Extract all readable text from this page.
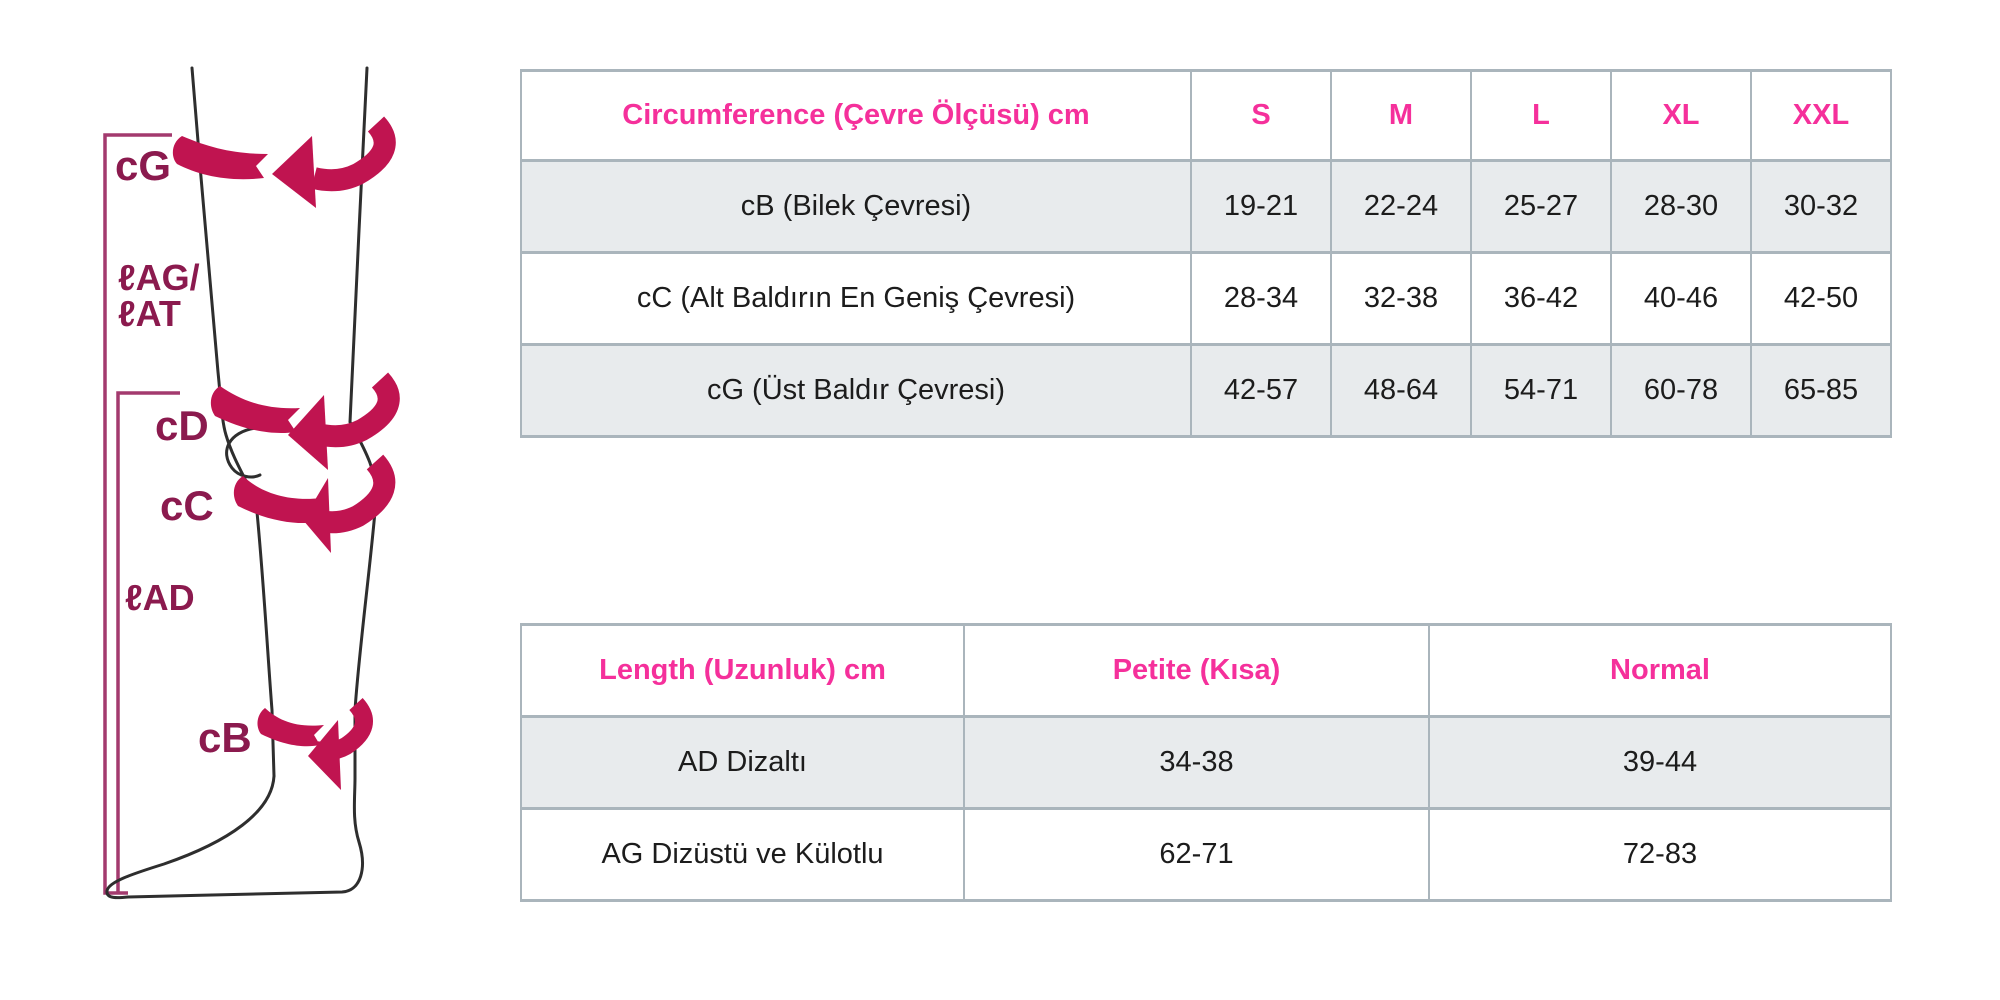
cG
ℓAG/
ℓAT
cD
cC
ℓAD
cB
Circumference (Çevre Ölçüsü) cm	S	M	L	XL	XXL
cB (Bilek Çevresi)	19-21	22-24	25-27	28-30	30-32
cC (Alt Baldırın En Geniş Çevresi)	28-34	32-38	36-42	40-46	42-50
cG (Üst Baldır Çevresi)	42-57	48-64	54-71	60-78	65-85
Length (Uzunluk) cm	Petite (Kısa)	Normal
AD Dizaltı	34-38	39-44
AG Dizüstü ve Külotlu	62-71	72-83
